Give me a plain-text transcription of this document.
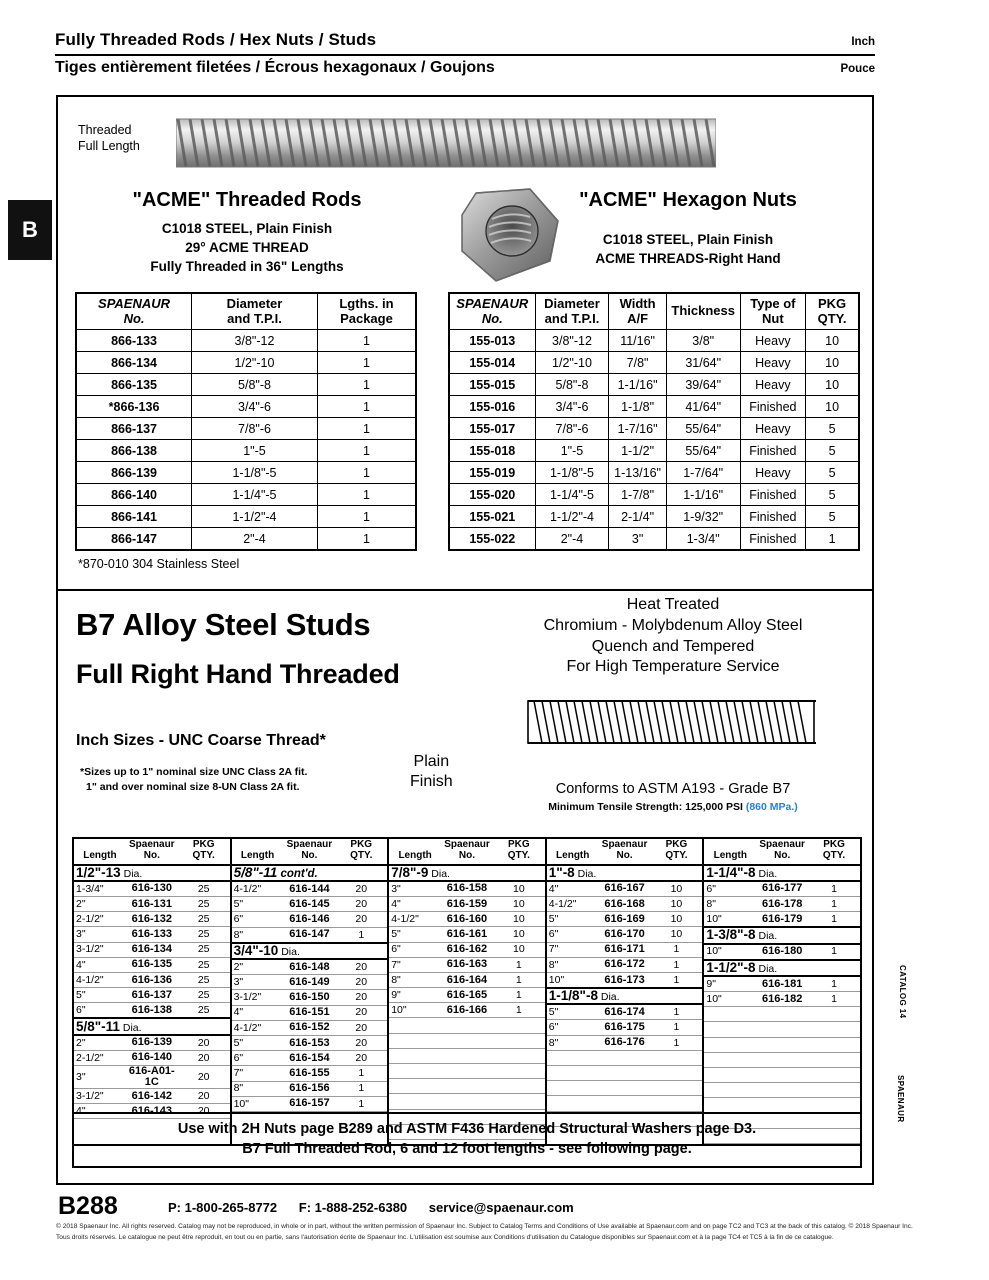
Fully Threaded Rods / Hex Nuts / Studs	Inch
Tiges entièrement filetées / Écrous hexagonaux / Goujons	Pouce
B
Threaded
Full Length
"ACME" Threaded Rods
C1018 STEEL, Plain Finish
29° ACME THREAD
Fully Threaded in 36" Lengths
"ACME" Hexagon Nuts
C1018 STEEL, Plain Finish
ACME THREADS-Right Hand
SPAENAUR
No.	Diameter
and T.P.I.	Lgths. in
Package
866-133	3/8"-12	1
866-134	1/2"-10	1
866-135	5/8"-8	1
*866-136	3/4"-6	1
866-137	7/8"-6	1
866-138	1"-5	1
866-139	1-1/8"-5	1
866-140	1-1/4"-5	1
866-141	1-1/2"-4	1
866-147	2"-4	1
SPAENAUR
No.	Diameter
and T.P.I.	Width
A/F	Thickness	Type of
Nut	PKG
QTY.
155-013	3/8"-12	11/16"	3/8"	Heavy	10
155-014	1/2"-10	7/8"	31/64"	Heavy	10
155-015	5/8"-8	1-1/16"	39/64"	Heavy	10
155-016	3/4"-6	1-1/8"	41/64"	Finished	10
155-017	7/8"-6	1-7/16"	55/64"	Heavy	5
155-018	1"-5	1-1/2"	55/64"	Finished	5
155-019	1-1/8"-5	1-13/16"	1-7/64"	Heavy	5
155-020	1-1/4"-5	1-7/8"	1-1/16"	Finished	5
155-021	1-1/2"-4	2-1/4"	1-9/32"	Finished	5
155-022	2"-4	3"	1-3/4"	Finished	1
*870-010 304 Stainless Steel
B7 Alloy Steel Studs
Full Right Hand Threaded
Inch Sizes - UNC Coarse Thread*
*Sizes up to 1" nominal size UNC Class 2A fit.
1" and over nominal size 8-UN Class 2A fit.
Plain
Finish
Heat Treated
Chromium - Molybdenum Alloy Steel
Quench and Tempered
For High Temperature Service
Conforms to ASTM A193 - Grade B7
Minimum Tensile Strength: 125,000 PSI (860 MPa.)

Length	Spaenaur
No.	PKG
QTY.
1/2"-13 Dia.		
1-3/4"	616-130	25
2"	616-131	25
2-1/2"	616-132	25
3"	616-133	25
3-1/2"	616-134	25
4"	616-135	25
4-1/2"	616-136	25
5"	616-137	25
6"	616-138	25
5/8"-11 Dia.		
2"	616-139	20
2-1/2"	616-140	20
3"	616-A01-1C	20
3-1/2"	616-142	20
4"	616-143	20

Length	Spaenaur
No.	PKG
QTY.
5/8"-11 cont'd.		
4-1/2"	616-144	20
5"	616-145	20
6"	616-146	20
8"	616-147	1
3/4"-10 Dia.		
2"	616-148	20
3"	616-149	20
3-1/2"	616-150	20
4"	616-151	20
4-1/2"	616-152	20
5"	616-153	20
6"	616-154	20
7"	616-155	1
8"	616-156	1
10"	616-157	1

Length	Spaenaur
No.	PKG
QTY.
7/8"-9 Dia.		
3"	616-158	10
4"	616-159	10
4-1/2"	616-160	10
5"	616-161	10
6"	616-162	10
7"	616-163	1
8"	616-164	1
9"	616-165	1
10"	616-166	1

Length	Spaenaur
No.	PKG
QTY.
1"-8 Dia.		
4"	616-167	10
4-1/2"	616-168	10
5"	616-169	10
6"	616-170	10
7"	616-171	1
8"	616-172	1
10"	616-173	1
1-1/8"-8 Dia.		
5"	616-174	1
6"	616-175	1
8"	616-176	1

Length	Spaenaur
No.	PKG
QTY.
1-1/4"-8 Dia.		
6"	616-177	1
8"	616-178	1
10"	616-179	1
1-3/8"-8 Dia.		
10"	616-180	1
1-1/2"-8 Dia.		
9"	616-181	1
10"	616-182	1

Use with 2H Nuts page B289 and ASTM F436 Hardened Structural Washers page D3.
B7 Full Threaded Rod, 6 and 12 foot lengths - see following page.
B288	P: 1-800-265-8772 F: 1-888-252-6380 service@spaenaur.com
© 2018 Spaenaur Inc. All rights reserved. Catalog may not be reproduced, in whole or in part, without the written permission of Spaenaur Inc. Subject to Catalog Terms and Conditions of Use available at Spaenaur.com and on page TC2 and TC3 at the back of this catalog. © 2018 Spaenaur Inc. Tous droits réservés. Le catalogue ne peut être reproduit, en tout ou en partie, sans l'autorisation écrite de Spaenaur Inc. L'utilisation est soumise aux Conditions d'utilisation du Catalogue disponibles sur Spaenaur.com et à la page TC4 et TC5 à la fin de ce catalogue.
CATALOG 14
SPAENAUR
